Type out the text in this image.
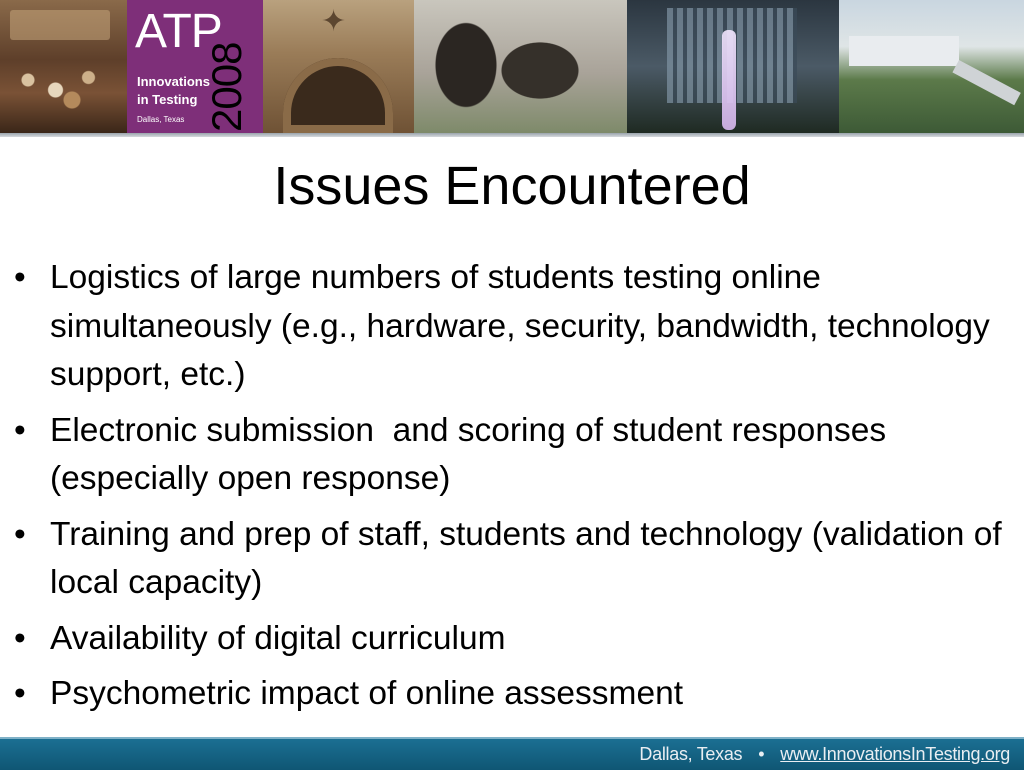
ATP
Innovations
in Testing
Dallas, Texas 2008
✦
Issues Encountered
• Logistics of large numbers of students testing online simultaneously (e.g., hardware, security, bandwidth, technology support, etc.)
• Electronic submission  and scoring of student responses (especially open response)
• Training and prep of staff, students and technology (validation of local capacity)
• Availability of digital curriculum
• Psychometric impact of online assessment
Dallas, Texas • www.InnovationsInTesting.org
